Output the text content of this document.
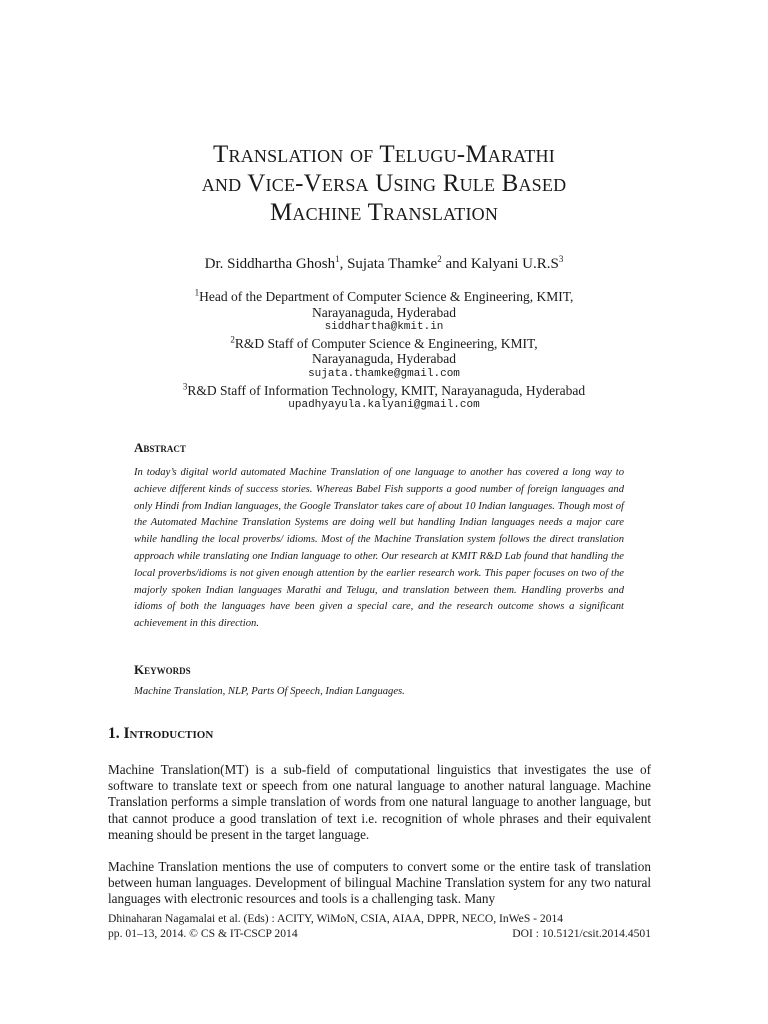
Translation of Telugu-Marathi
and Vice-Versa Using Rule Based
Machine Translation
Dr. Siddhartha Ghosh$^1$, Sujata Thamke$^2$ and Kalyani $U.R.S^3$
$^1$Head of the Department of Computer Science & Engineering, KMIT,
Narayanaguda, Hyderabad
siddhartha@kmit.in
$^2$R&D Staff of Computer Science & Engineering, KMIT,
Narayanaguda, Hyderabad
sujata.thamke@gmail.com
$^3$R&D Staff of Information Technology, KMIT, Narayanaguda, Hyderabad
upadhyayula.kalyani@gmail.com
Abstract
In today’s digital world automated Machine Translation of one language to another has covered a long way to achieve different kinds of success stories. Whereas Babel Fish supports a good number of foreign languages and only Hindi from Indian languages, the Google Translator takes care of about 10 Indian languages. Though most of the Automated Machine Translation Systems are doing well but handling Indian languages needs a major care while handling the local proverbs/ idioms. Most of the Machine Translation system follows the direct translation approach while translating one Indian language to other. Our research at KMIT R&D Lab found that handling the local proverbs/idioms is not given enough attention by the earlier research work. This paper focuses on two of the majorly spoken Indian languages Marathi and Telugu, and translation between them. Handling proverbs and idioms of both the languages have been given a special care, and the research outcome shows a significant achievement in this direction.
Keywords
Machine Translation, NLP, Parts Of Speech, Indian Languages.
1. Introduction
Machine Translation(MT) is a sub-field of computational linguistics that investigates the use of software to translate text or speech from one natural language to another natural language. Machine Translation performs a simple translation of words from one natural language to another language, but that cannot produce a good translation of text i.e. recognition of whole phrases and their equivalent meaning should be present in the target language.
Machine Translation mentions the use of computers to convert some or the entire task of translation between human languages. Development of bilingual Machine Translation system for any two natural languages with electronic resources and tools is a challenging task. Many
Dhinaharan Nagamalai et al. (Eds) : ACITY, WiMoN, CSIA, AIAA, DPPR, NECO, InWeS - 2014
pp. 01–13, 2014. © CS & IT-CSCP 2014	DOI : 10.5121/csit.2014.4501
